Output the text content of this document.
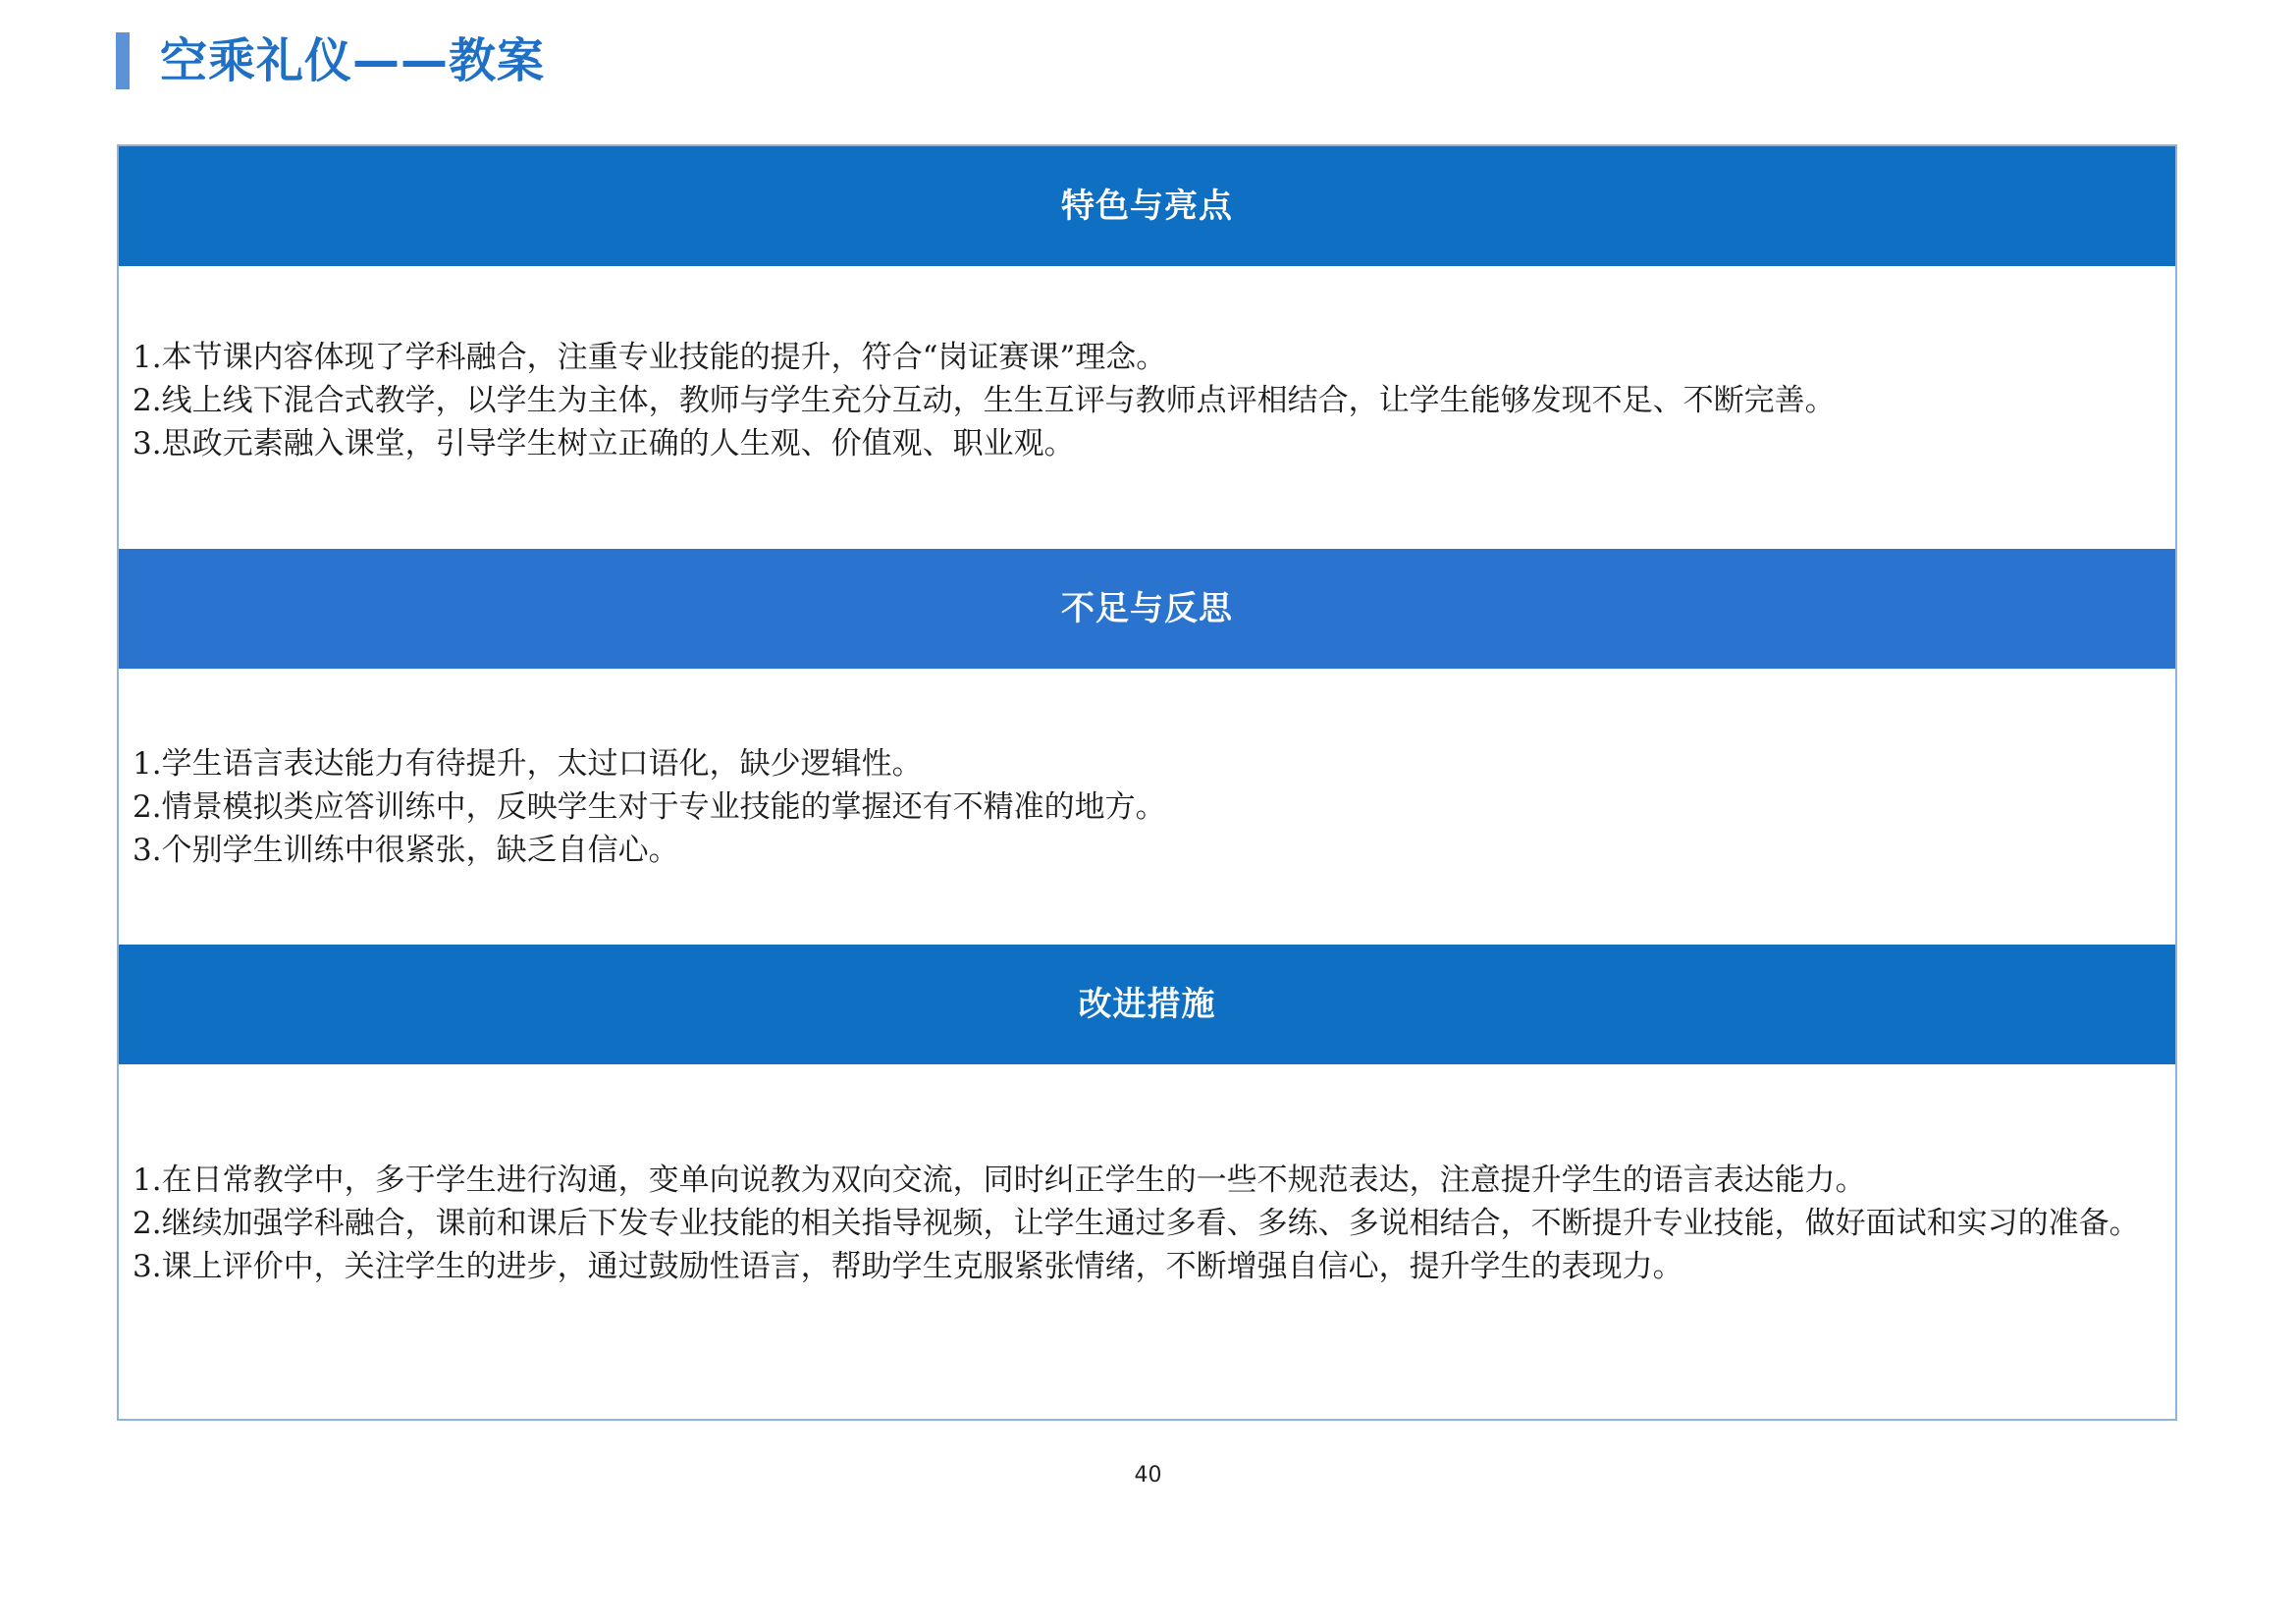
空乘礼仪——教案
特色与亮点

1.本节课内容体现了学科融合，注重专业技能的提升，符合“岗证赛课”理念。

2.线上线下混合式教学，以学生为主体，教师与学生充分互动，生生互评与教师点评相结合，让学生能够发现不足、不断完善。

3.思政元素融入课堂，引导学生树立正确的人生观、价值观、职业观。

不足与反思

1.学生语言表达能力有待提升，太过口语化，缺少逻辑性。

2.情景模拟类应答训练中，反映学生对于专业技能的掌握还有不精准的地方。

3.个别学生训练中很紧张，缺乏自信心。

改进措施

1.在日常教学中，多于学生进行沟通，变单向说教为双向交流，同时纠正学生的一些不规范表达，注意提升学生的语言表达能力。

2.继续加强学科融合，课前和课后下发专业技能的相关指导视频，让学生通过多看、多练、多说相结合，不断提升专业技能，做好面试和实习的准备。

3.课上评价中，关注学生的进步，通过鼓励性语言，帮助学生克服紧张情绪，不断增强自信心，提升学生的表现力。

40
